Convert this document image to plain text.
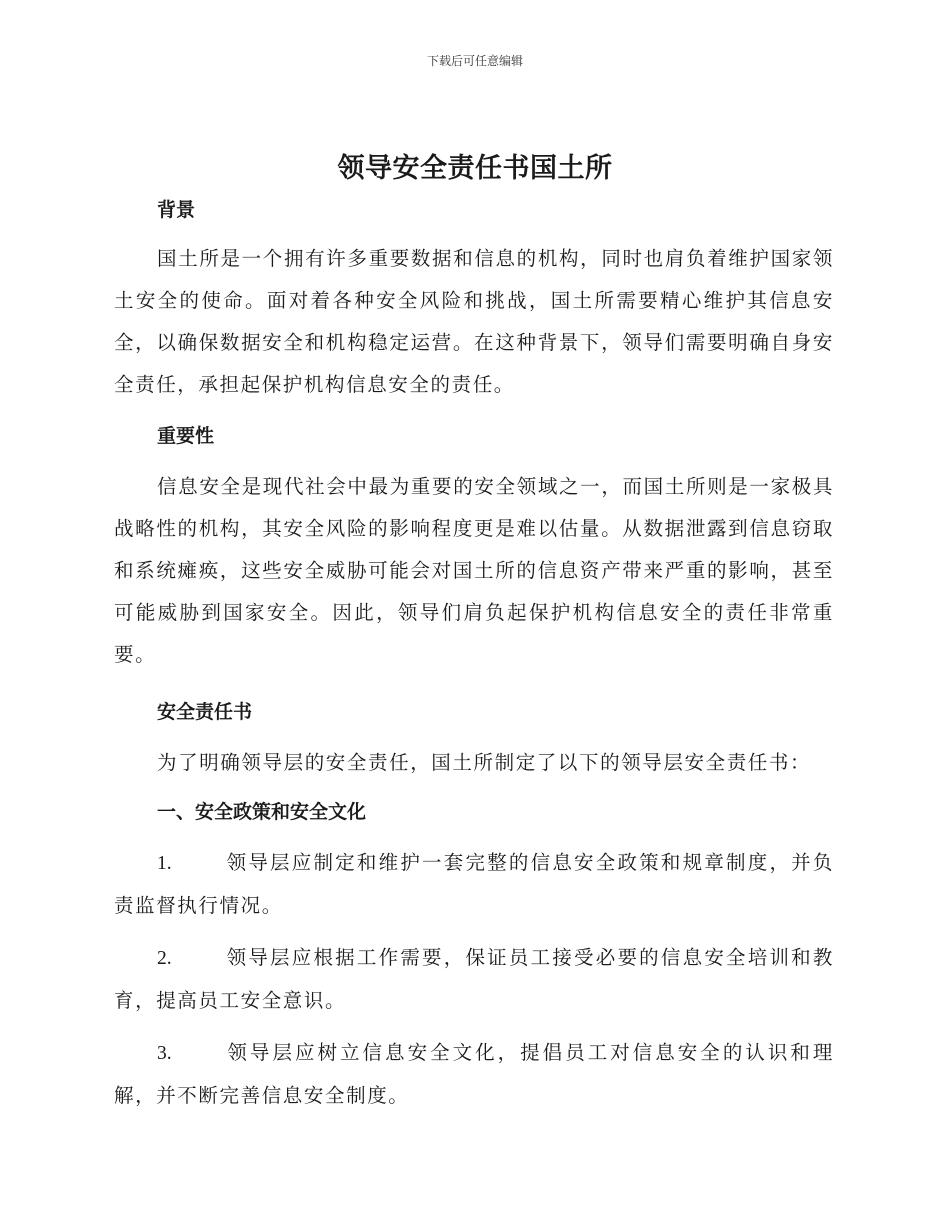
下载后可任意编辑
领导安全责任书国土所
背景

国土所是一个拥有许多重要数据和信息的机构，同时也肩负着维护国家领土安全的使命。面对着各种安全风险和挑战，国土所需要精心维护其信息安全，以确保数据安全和机构稳定运营。在这种背景下，领导们需要明确自身安全责任，承担起保护机构信息安全的责任。

重要性

信息安全是现代社会中最为重要的安全领域之一，而国土所则是一家极具战略性的机构，其安全风险的影响程度更是难以估量。从数据泄露到信息窃取和系统瘫痪，这些安全威胁可能会对国土所的信息资产带来严重的影响，甚至可能威胁到国家安全。因此，领导们肩负起保护机构信息安全的责任非常重要。

安全责任书

为了明确领导层的安全责任，国土所制定了以下的领导层安全责任书：

一、安全政策和安全文化

1.	领导层应制定和维护一套完整的信息安全政策和规章制度，并负责监督执行情况。

2.	领导层应根据工作需要，保证员工接受必要的信息安全培训和教育，提高员工安全意识。

3.	领导层应树立信息安全文化，提倡员工对信息安全的认识和理解，并不断完善信息安全制度。
